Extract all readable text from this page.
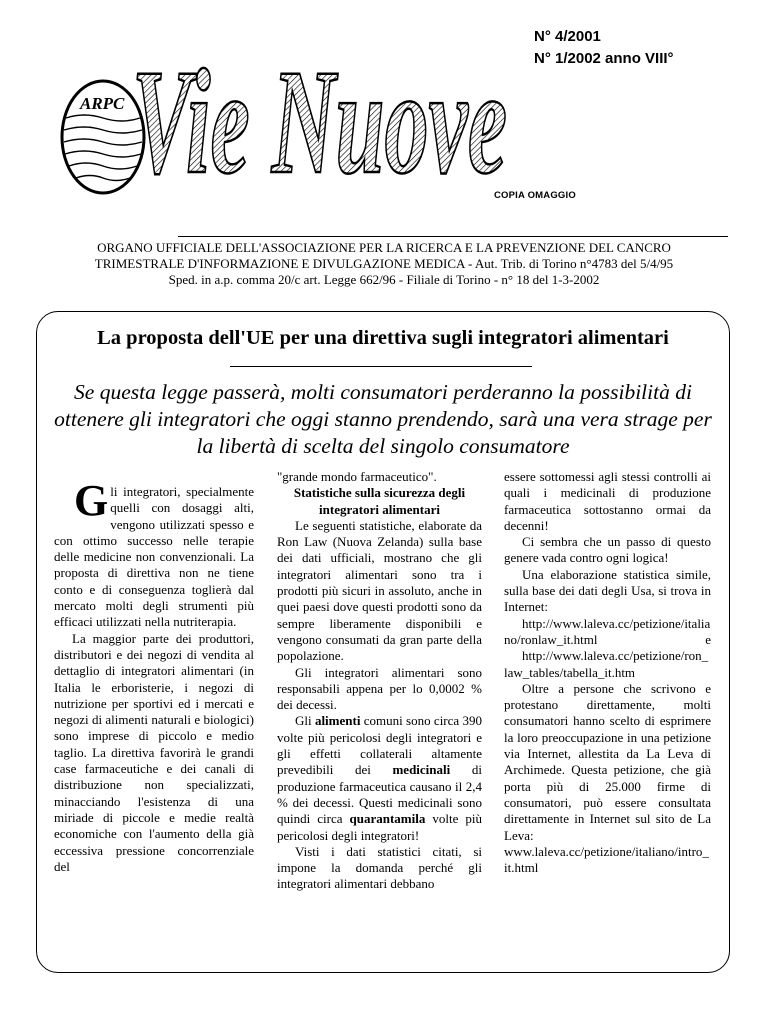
ARPC Vie Nuove
N° 4/2001
N° 1/2002 anno VIII°
COPIA OMAGGIO
ORGANO UFFICIALE DELL'ASSOCIAZIONE PER LA RICERCA E LA PREVENZIONE DEL CANCRO
TRIMESTRALE D'INFORMAZIONE E DIVULGAZIONE MEDICA - Aut. Trib. di Torino n°4783 del 5/4/95
Sped. in a.p. comma 20/c art. Legge 662/96 - Filiale di Torino - n° 18 del 1-3-2002
La proposta dell'UE per una direttiva sugli integratori alimentari
Se questa legge passerà, molti consumatori perderanno la possibilità di ottenere gli integratori che oggi stanno prendendo, sarà una vera strage per la libertà di scelta del singolo consumatore

Gli integratori, specialmente quelli con dosaggi alti, vengono utilizzati spesso e con ottimo successo nelle terapie delle medicine non convenzionali. La proposta di direttiva non ne tiene conto e di conseguenza toglierà dal mercato molti degli strumenti più efficaci utilizzati nella nutriterapia.

La maggior parte dei produttori, distributori e dei negozi di vendita al dettaglio di integratori alimentari (in Italia le erboristerie, i negozi di nutrizione per sportivi ed i mercati e negozi di alimenti naturali e biologici) sono imprese di piccolo e medio taglio. La direttiva favorirà le grandi case farmaceutiche e dei canali di distribuzione non specializzati, minacciando l'esistenza di una miriade di piccole e medie realtà economiche con l'aumento della già eccessiva pressione concorrenziale del

"grande mondo farmaceutico".

Statistiche sulla sicurezza degli integratori alimentari

Le seguenti statistiche, elaborate da Ron Law (Nuova Zelanda) sulla base dei dati ufficiali, mostrano che gli integratori alimentari sono tra i prodotti più sicuri in assoluto, anche in quei paesi dove questi prodotti sono da sempre liberamente disponibili e vengono consumati da gran parte della popolazione.

Gli integratori alimentari sono responsabili appena per lo 0,0002 % dei decessi.

Gli alimenti comuni sono circa 390 volte più pericolosi degli integratori e gli effetti collaterali altamente prevedibili dei medicinali di produzione farmaceutica causano il 2,4 % dei decessi. Questi medicinali sono quindi circa quarantamila volte più pericolosi degli integratori!

Visti i dati statistici citati, si impone la domanda perché gli integratori alimentari debbano

essere sottomessi agli stessi controlli ai quali i medicinali di produzione farmaceutica sottostanno ormai da decenni!

Ci sembra che un passo di questo genere vada contro ogni logica!

Una elaborazione statistica simile, sulla base dei dati degli Usa, si trova in Internet:

http://www.laleva.cc/petizione/italiano/ronlaw_it.html	e

http://www.laleva.cc/petizione/ron_law_tables/tabella_it.htm

Oltre a persone che scrivono e protestano direttamente, molti consumatori hanno scelto di esprimere la loro preoccupazione in una petizione via Internet, allestita da La Leva di Archimede. Questa petizione, che già porta più di 25.000 firme di consumatori, può essere consultata direttamente in Internet sul sito de La Leva:

www.laleva.cc/petizione/italiano/intro_it.html
